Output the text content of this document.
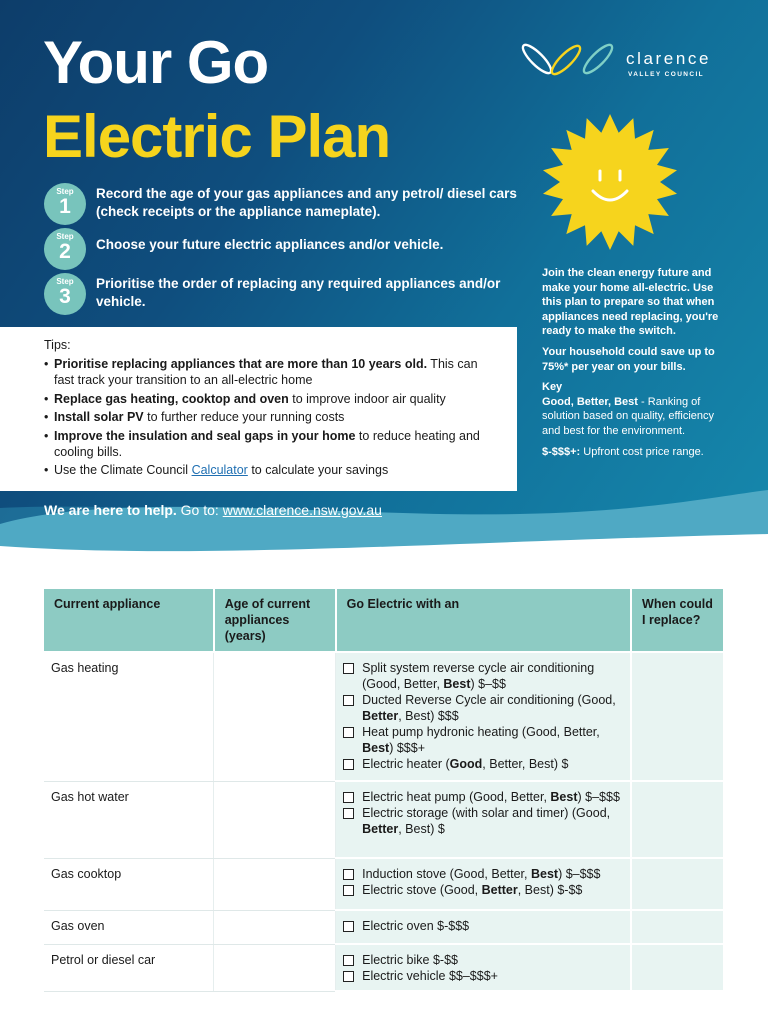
Your Go
Electric Plan
clarence
VALLEY COUNCIL
Step
1
Record the age of your gas appliances and any petrol/ diesel cars (check receipts or the appliance nameplate).
Step
2	Choose your future electric appliances and/or vehicle.
Step
3
Prioritise the order of replacing any required appliances and/or vehicle.

Join the clean energy future and make your home all-electric. Use this plan to prepare so that when appliances need replacing, you're ready to make the switch.

Your household could save up to 75%* per year on your bills.

Key

Good, Better, Best - Ranking of solution based on quality, efficiency and best for the environment.

$-$$$+: Upfront cost price range.

Tips:
• Prioritise replacing appliances that are more than 10 years old. This can fast track your transition to an all-electric home
• Replace gas heating, cooktop and oven to improve indoor air quality
• Install solar PV to further reduce your running costs
• Improve the insulation and seal gaps in your home to reduce heating and cooling bills.
• Use the Climate Council Calculator to calculate your savings
We are here to help. Go to: www.clarence.nsw.gov.au
Current appliance	Age of current appliances (years)	Go Electric with an	When could I replace?
Gas heating		Split system reverse cycle air conditioning (Good, Better, Best) $–$$
Ducted Reverse Cycle air conditioning (Good, Better, Best) $$$
Heat pump hydronic heating (Good, Better, Best) $$$+
Electric heater (Good, Better, Best) $	

Gas hot water		Electric heat pump (Good, Better, Best) $–$$$
Electric storage (with solar and timer) (Good, Better, Best) $	

Gas cooktop		Induction stove (Good, Better, Best) $–$$$
Electric stove (Good, Better, Best) $-$$	

Gas oven		Electric oven $-$$$	

Petrol or diesel car		Electric bike $-$$
Electric vehicle $$–$$$+	
